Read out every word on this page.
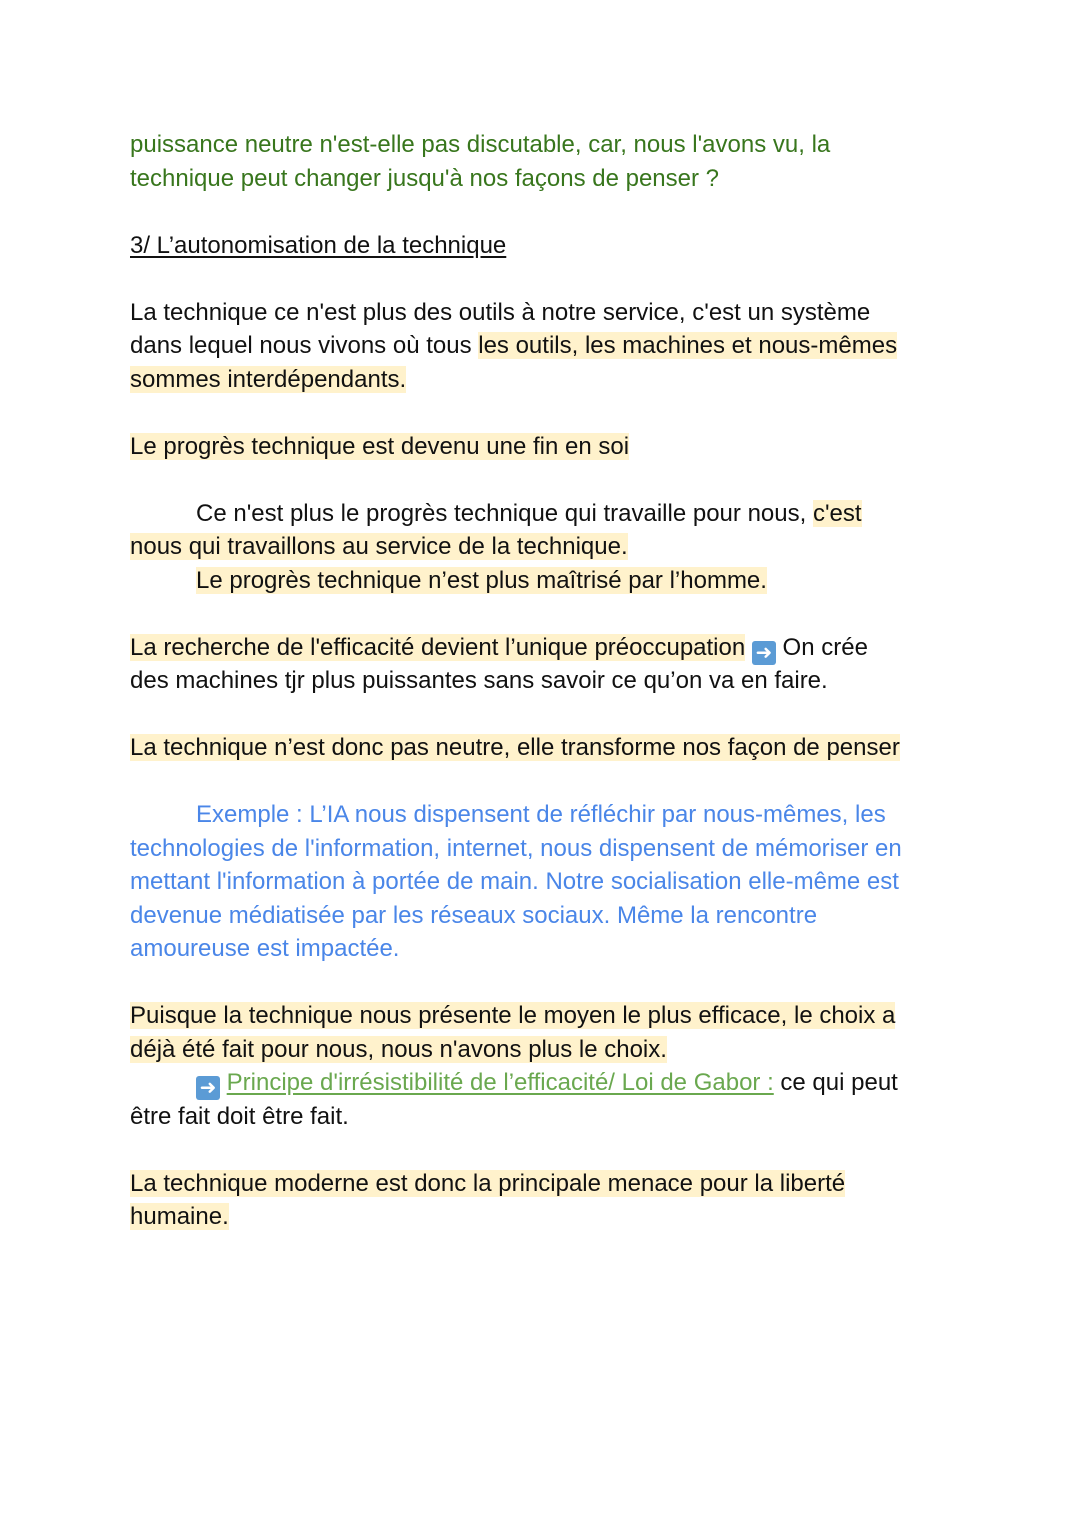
puissance neutre n'est-elle pas discutable, car, nous l'avons vu, la
technique peut changer jusqu'à nos façons de penser ?
3/ L’autonomisation de la technique
La technique ce n'est plus des outils à notre service, c'est un système
dans lequel nous vivons où tous les outils, les machines et nous-mêmes
sommes interdépendants.
Le progrès technique est devenu une fin en soi
Ce n'est plus le progrès technique qui travaille pour nous, c'est
nous qui travaillons au service de la technique.
Le progrès technique n’est plus maîtrisé par l’homme.
La recherche de l'efficacité devient l’unique préoccupation ➜ On crée
des machines tjr plus puissantes sans savoir ce qu’on va en faire.
La technique n’est donc pas neutre, elle transforme nos façon de penser
Exemple : L’IA nous dispensent de réfléchir par nous-mêmes, les
technologies de l'information, internet, nous dispensent de mémoriser en
mettant l'information à portée de main. Notre socialisation elle-même est
devenue médiatisée par les réseaux sociaux. Même la rencontre
amoureuse est impactée.
Puisque la technique nous présente le moyen le plus efficace, le choix a
déjà été fait pour nous, nous n'avons plus le choix.
➜ Principe d'irrésistibilité de l’efficacité/ Loi de Gabor : ce qui peut
être fait doit être fait.
La technique moderne est donc la principale menace pour la liberté
humaine.
